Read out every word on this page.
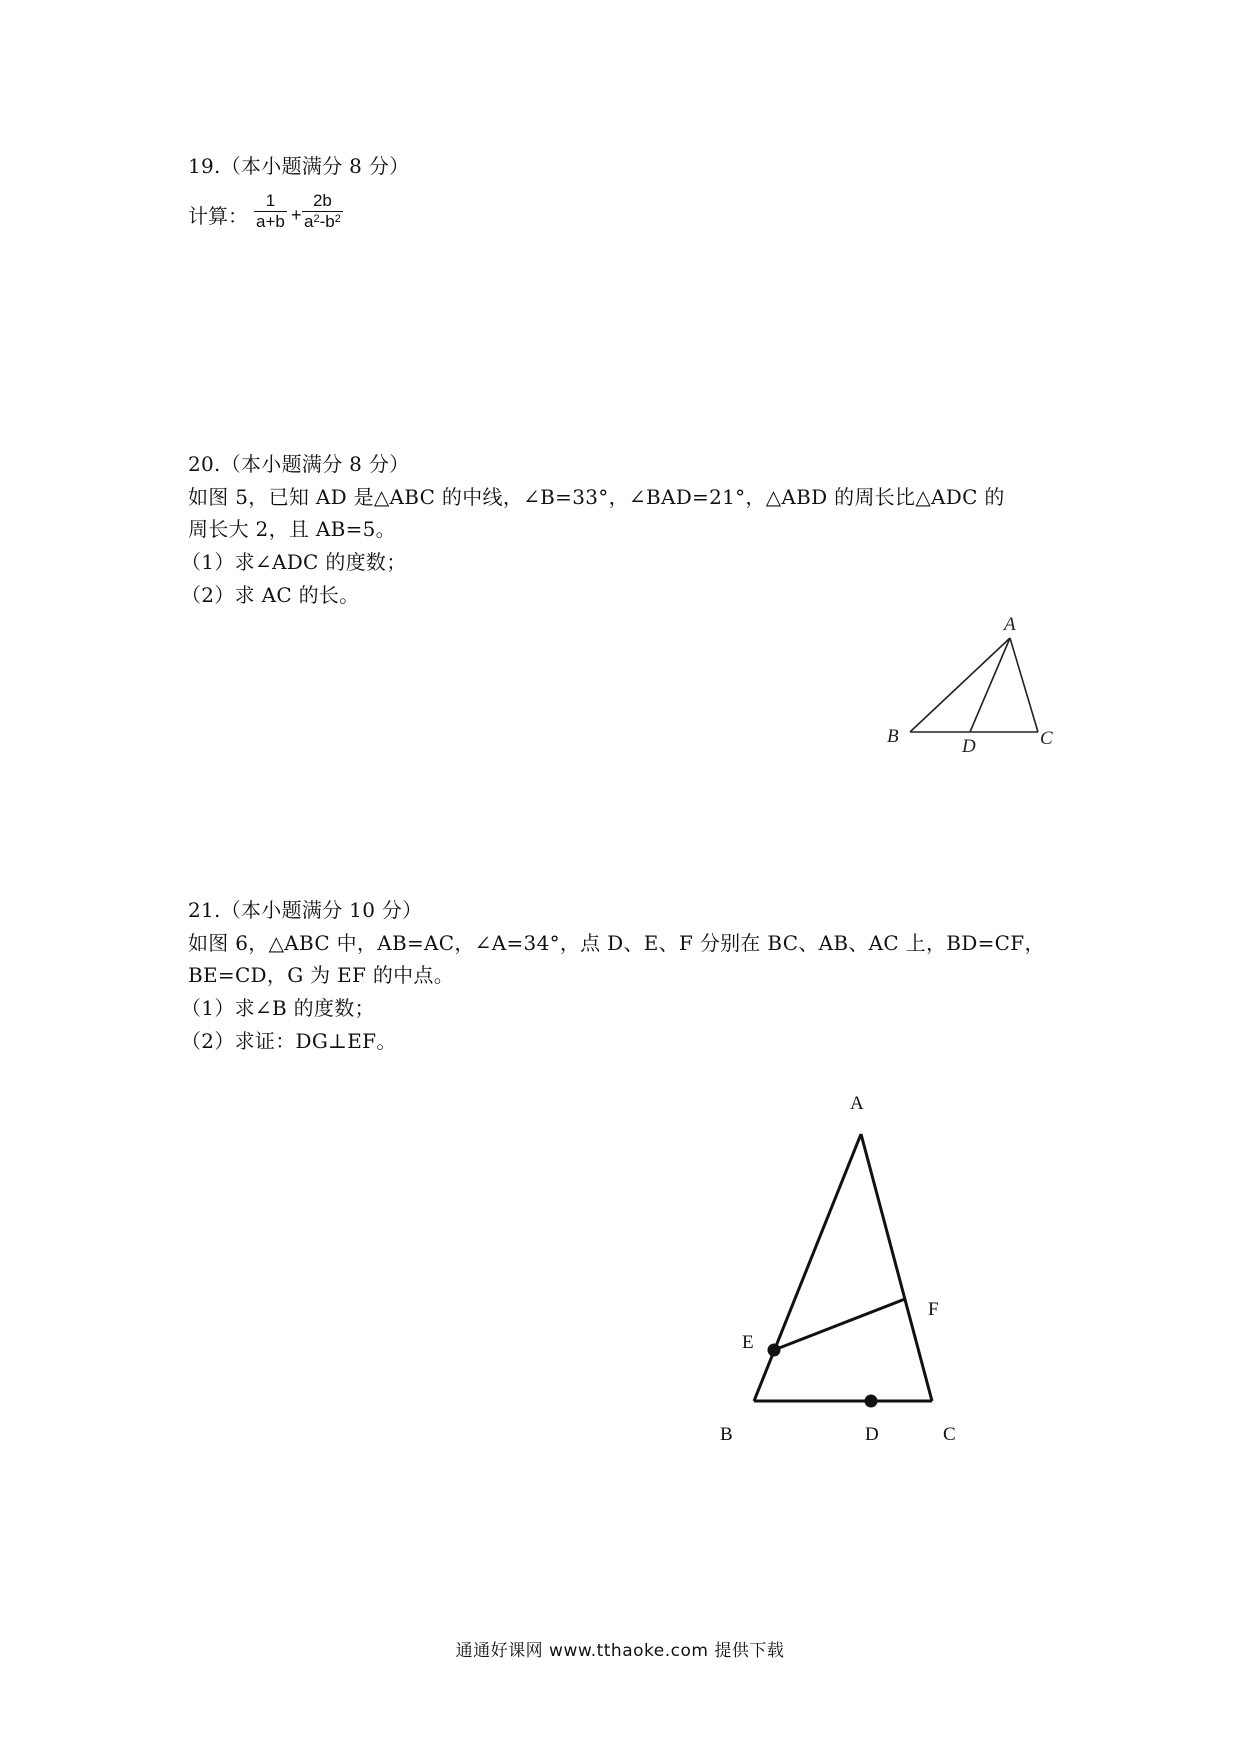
19.（本小题满分 8 分）
计算： $\frac{1}{a+b} + \frac{2b}{a^2-b^2}$
20.（本小题满分 8 分）
如图 5，已知 AD 是△ABC 的中线，∠B=33°，∠BAD=21°，△ABD 的周长比△ADC 的
周长大 2，且 AB=5。
（1）求∠ADC 的度数；
（2）求 AC 的长。
A
B	D	C
21.（本小题满分 10 分）
如图 6，△ABC 中，AB=AC，∠A=34°，点 D、E、F 分别在 BC、AB、AC 上，BD=CF，
BE=CD，G 为 EF 的中点。
（1）求∠B 的度数；
（2）求证：DG⊥EF。
A
E
F
B	D	C
通通好课网 www.tthaoke.com 提供下载
